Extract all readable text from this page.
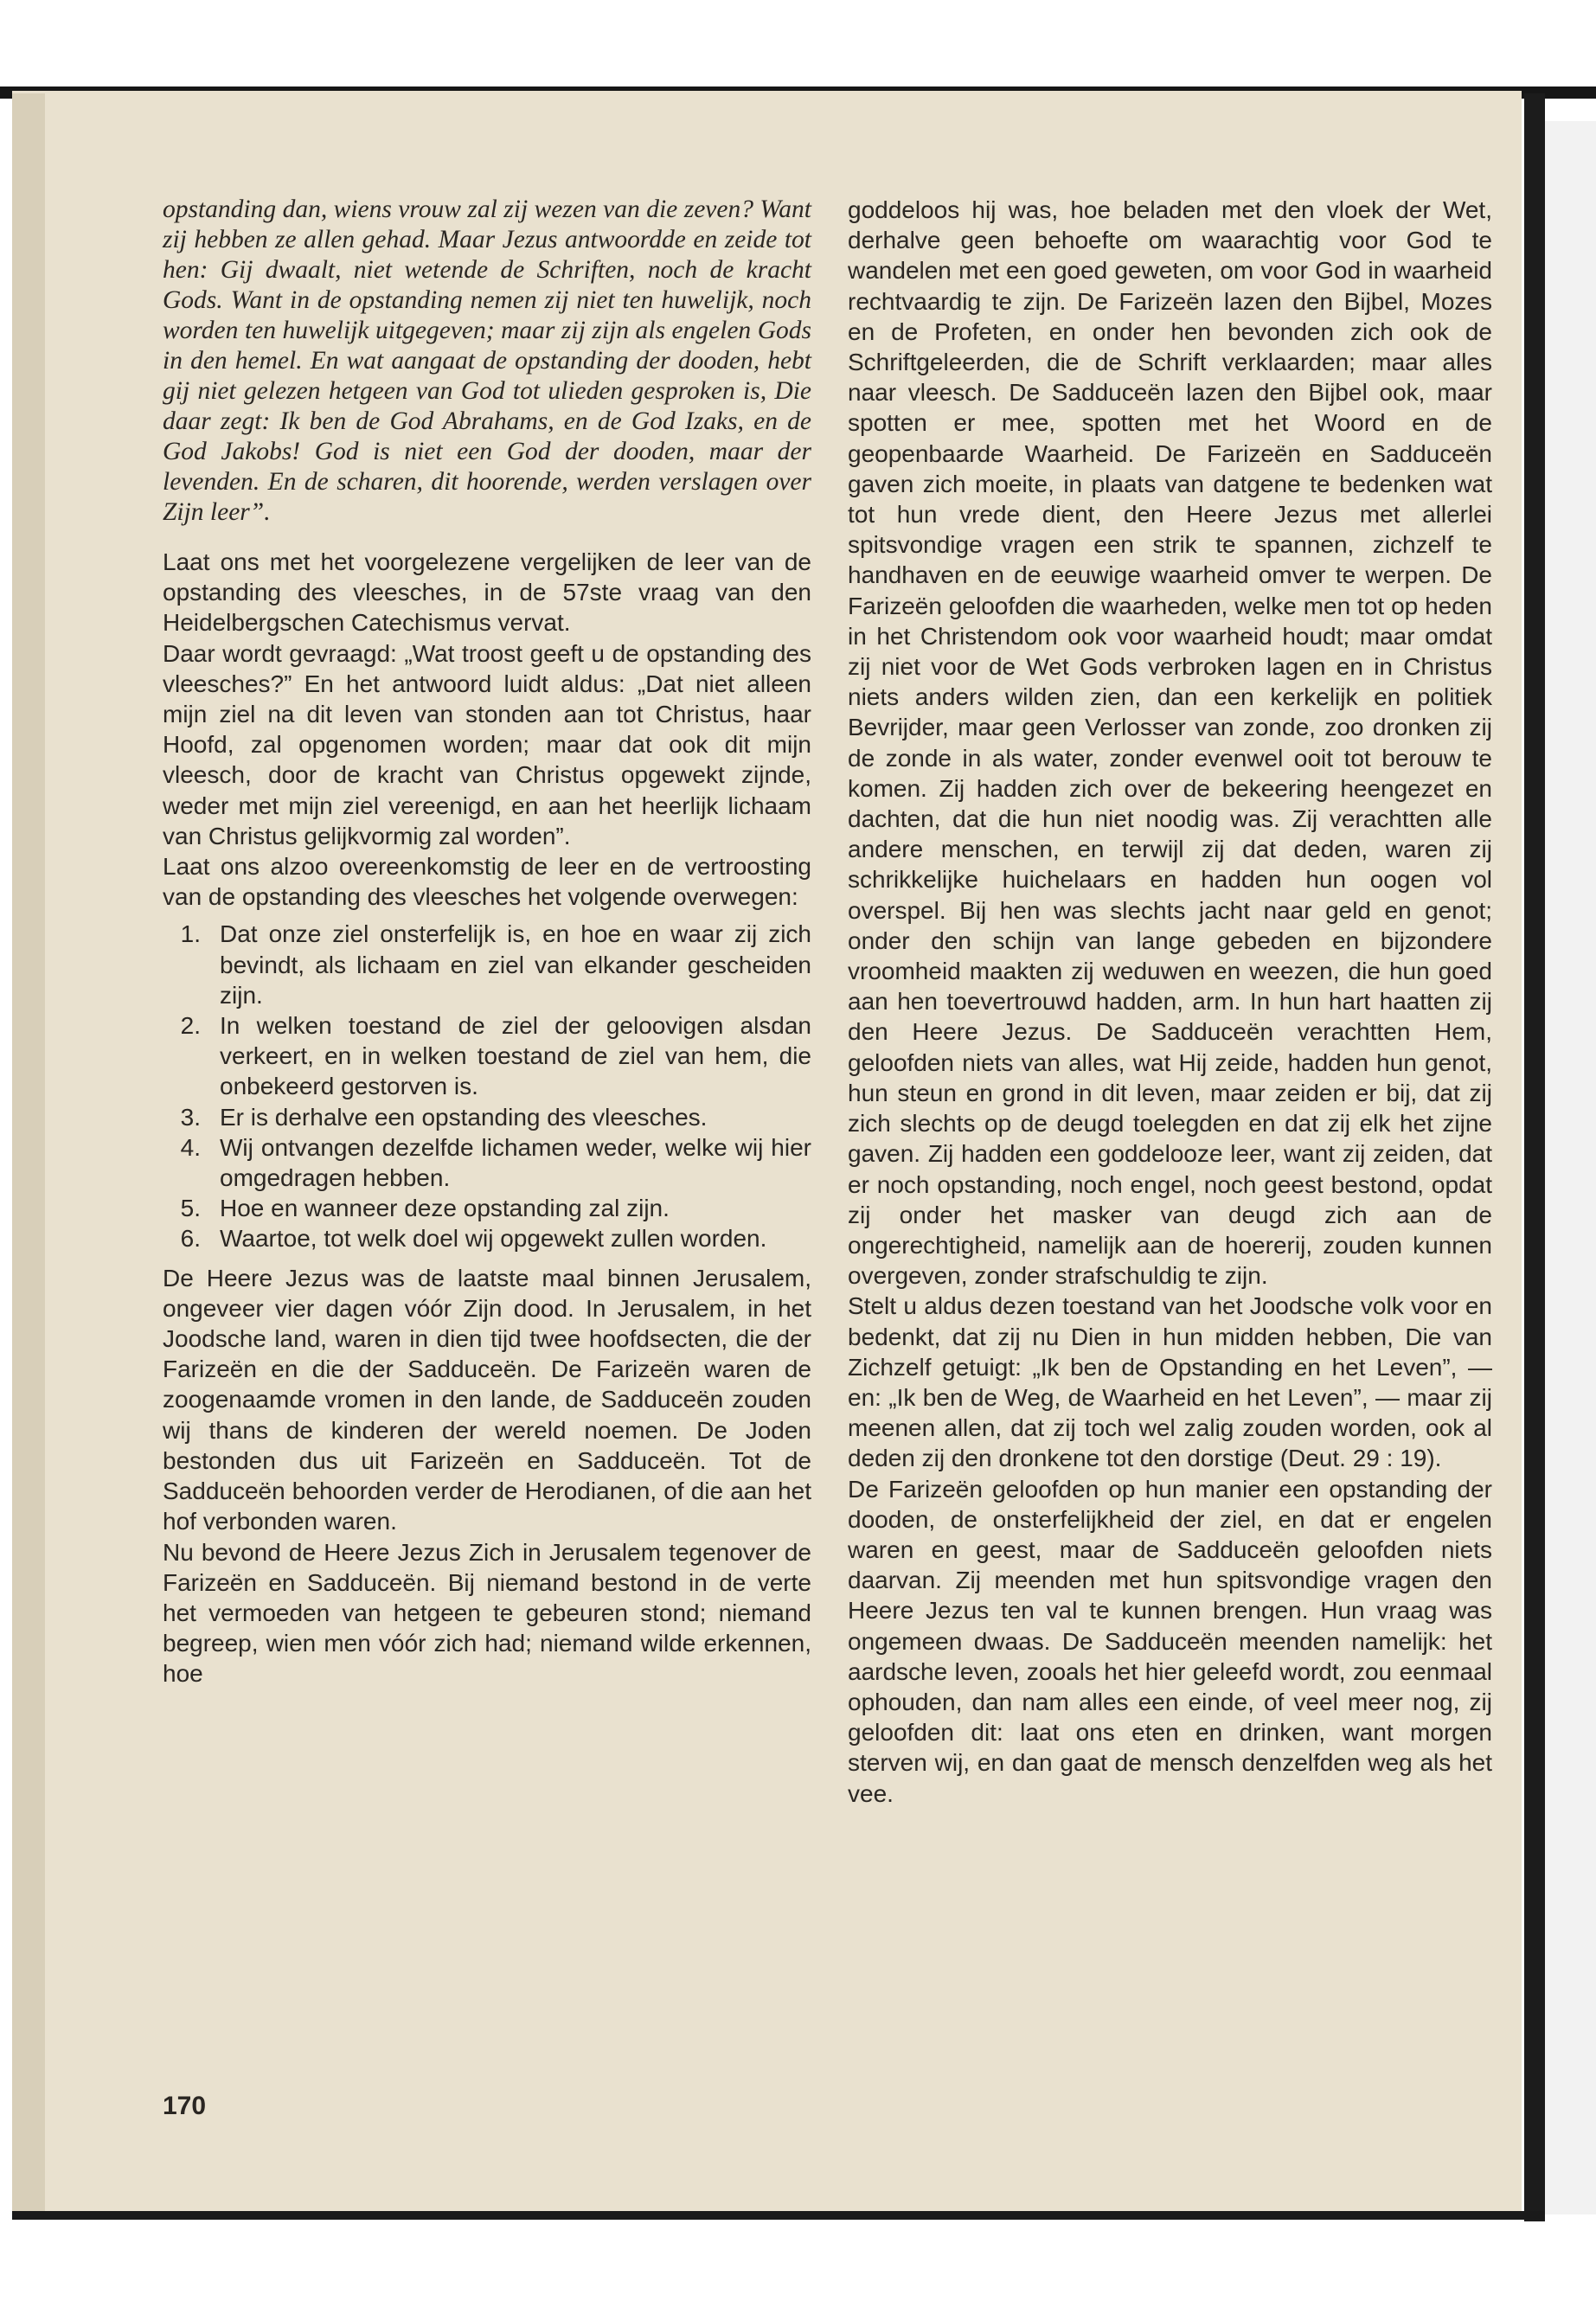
opstanding dan, wiens vrouw zal zij wezen van die zeven? Want zij hebben ze allen gehad. Maar Jezus antwoordde en zeide tot hen: Gij dwaalt, niet wetende de Schriften, noch de kracht Gods. Want in de opstanding nemen zij niet ten huwelijk, noch worden ten huwelijk uitgegeven; maar zij zijn als engelen Gods in den hemel. En wat aangaat de opstanding der dooden, hebt gij niet gelezen hetgeen van God tot ulieden gesproken is, Die daar zegt: Ik ben de God Abrahams, en de God Izaks, en de God Jakobs! God is niet een God der dooden, maar der levenden. En de scharen, dit hoorende, werden verslagen over Zijn leer”.

Laat ons met het voorgelezene vergelijken de leer van de opstanding des vleesches, in de 57ste vraag van den Heidelbergschen Catechismus vervat.

Daar wordt gevraagd: „Wat troost geeft u de opstanding des vleesches?” En het antwoord luidt aldus: „Dat niet alleen mijn ziel na dit leven van stonden aan tot Christus, haar Hoofd, zal opgenomen worden; maar dat ook dit mijn vleesch, door de kracht van Christus opgewekt zijnde, weder met mijn ziel vereenigd, en aan het heerlijk lichaam van Christus gelijkvormig zal worden”.

Laat ons alzoo overeenkomstig de leer en de vertroosting van de opstanding des vleesches het volgende overwegen:

1. Dat onze ziel onsterfelijk is, en hoe en waar zij zich bevindt, als lichaam en ziel van elkander gescheiden zijn.
2. In welken toestand de ziel der geloovigen alsdan verkeert, en in welken toestand de ziel van hem, die onbekeerd gestorven is.
3. Er is derhalve een opstanding des vleesches.
4. Wij ontvangen dezelfde lichamen weder, welke wij hier omgedragen hebben.
5. Hoe en wanneer deze opstanding zal zijn.
6. Waartoe, tot welk doel wij opgewekt zullen worden.

De Heere Jezus was de laatste maal binnen Jerusalem, ongeveer vier dagen vóór Zijn dood. In Jerusalem, in het Joodsche land, waren in dien tijd twee hoofdsecten, die der Farizeën en die der Sadduceën. De Farizeën waren de zoogenaamde vromen in den lande, de Sadduceën zouden wij thans de kinderen der wereld noemen. De Joden bestonden dus uit Farizeën en Sadduceën. Tot de Sadduceën behoorden verder de Herodianen, of die aan het hof verbonden waren.

Nu bevond de Heere Jezus Zich in Jerusalem tegenover de Farizeën en Sadduceën. Bij niemand bestond in de verte het vermoeden van hetgeen te gebeuren stond; niemand begreep, wien men vóór zich had; niemand wilde erkennen, hoe

goddeloos hij was, hoe beladen met den vloek der Wet, derhalve geen behoefte om waarachtig voor God te wandelen met een goed geweten, om voor God in waarheid rechtvaardig te zijn. De Farizeën lazen den Bijbel, Mozes en de Profeten, en onder hen bevonden zich ook de Schriftgeleerden, die de Schrift verklaarden; maar alles naar vleesch. De Sadduceën lazen den Bijbel ook, maar spotten er mee, spotten met het Woord en de geopenbaarde Waarheid. De Farizeën en Sadduceën gaven zich moeite, in plaats van datgene te bedenken wat tot hun vrede dient, den Heere Jezus met allerlei spitsvondige vragen een strik te spannen, zichzelf te handhaven en de eeuwige waarheid omver te werpen. De Farizeën geloofden die waarheden, welke men tot op heden in het Christendom ook voor waarheid houdt; maar omdat zij niet voor de Wet Gods verbroken lagen en in Christus niets anders wilden zien, dan een kerkelijk en politiek Bevrijder, maar geen Verlosser van zonde, zoo dronken zij de zonde in als water, zonder evenwel ooit tot berouw te komen. Zij hadden zich over de bekeering heengezet en dachten, dat die hun niet noodig was. Zij verachtten alle andere menschen, en terwijl zij dat deden, waren zij schrikkelijke huichelaars en hadden hun oogen vol overspel. Bij hen was slechts jacht naar geld en genot; onder den schijn van lange gebeden en bijzondere vroomheid maakten zij weduwen en weezen, die hun goed aan hen toevertrouwd hadden, arm. In hun hart haatten zij den Heere Jezus. De Sadduceën verachtten Hem, geloofden niets van alles, wat Hij zeide, hadden hun genot, hun steun en grond in dit leven, maar zeiden er bij, dat zij zich slechts op de deugd toelegden en dat zij elk het zijne gaven. Zij hadden een goddelooze leer, want zij zeiden, dat er noch opstanding, noch engel, noch geest bestond, opdat zij onder het masker van deugd zich aan de ongerechtigheid, namelijk aan de hoererij, zouden kunnen overgeven, zonder strafschuldig te zijn.

Stelt u aldus dezen toestand van het Joodsche volk voor en bedenkt, dat zij nu Dien in hun midden hebben, Die van Zichzelf getuigt: „Ik ben de Opstanding en het Leven”, — en: „Ik ben de Weg, de Waarheid en het Leven”, — maar zij meenen allen, dat zij toch wel zalig zouden worden, ook al deden zij den dronkene tot den dorstige (Deut. 29 : 19).

De Farizeën geloofden op hun manier een opstanding der dooden, de onsterfelijkheid der ziel, en dat er engelen waren en geest, maar de Sadduceën geloofden niets daarvan. Zij meenden met hun spitsvondige vragen den Heere Jezus ten val te kunnen brengen. Hun vraag was ongemeen dwaas. De Sadduceën meenden namelijk: het aardsche leven, zooals het hier geleefd wordt, zou eenmaal ophouden, dan nam alles een einde, of veel meer nog, zij geloofden dit: laat ons eten en drinken, want morgen sterven wij, en dan gaat de mensch denzelfden weg als het vee.

170
